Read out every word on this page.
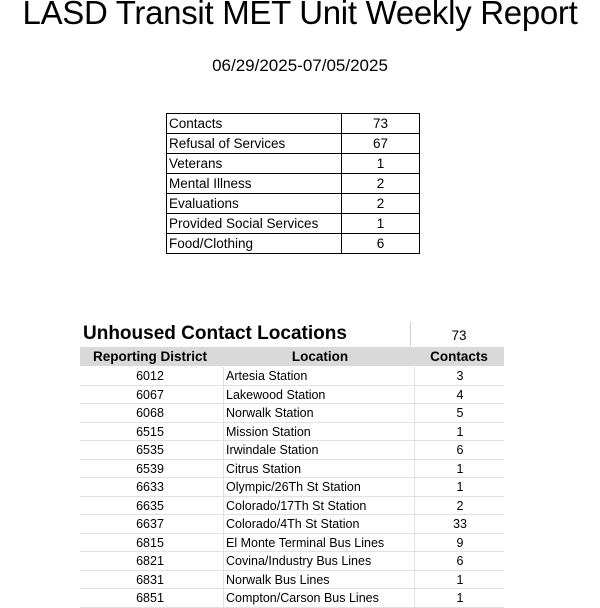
LASD Transit MET Unit Weekly Report
06/29/2025-07/05/2025
Contacts	73
Refusal of Services	67
Veterans	1
Mental Illness	2
Evaluations	2
Provided Social Services	1
Food/Clothing	6
Unhoused Contact Locations	73
Reporting District	Location	Contacts
6012	Artesia Station	3
6067	Lakewood Station	4
6068	Norwalk Station	5
6515	Mission Station	1
6535	Irwindale Station	6
6539	Citrus Station	1
6633	Olympic/26Th St Station	1
6635	Colorado/17Th St Station	2
6637	Colorado/4Th St Station	33
6815	El Monte Terminal Bus Lines	9
6821	Covina/Industry Bus Lines	6
6831	Norwalk Bus Lines	1
6851	Compton/Carson Bus Lines	1
